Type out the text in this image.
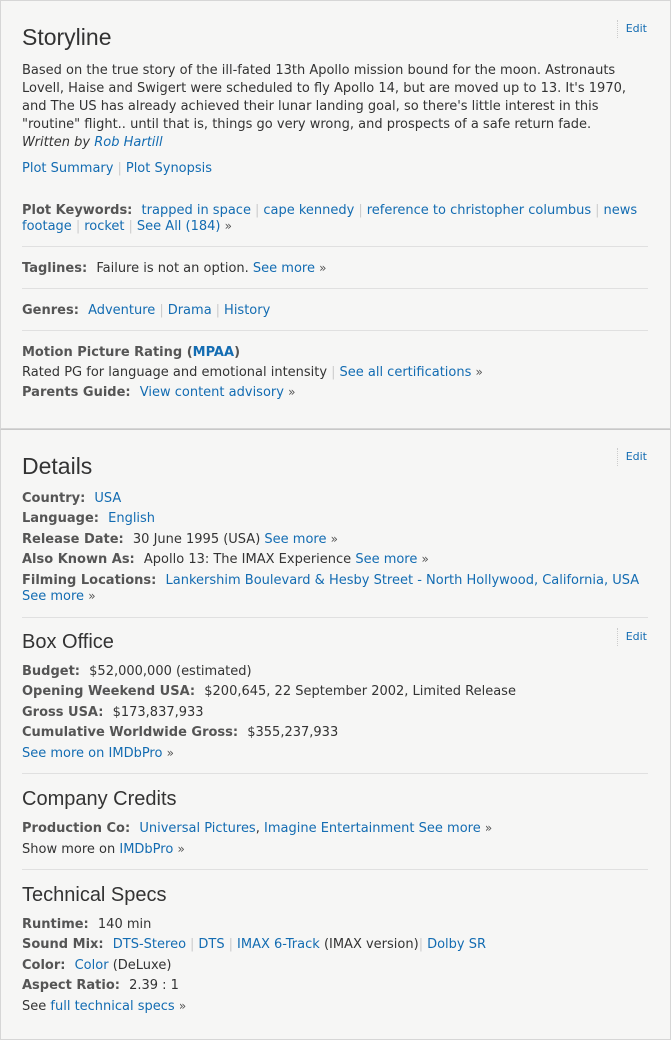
Edit
Storyline
Based on the true story of the ill-fated 13th Apollo mission bound for the moon. Astronauts Lovell, Haise and Swigert were scheduled to fly Apollo 14, but are moved up to 13. It's 1970, and The US has already achieved their lunar landing goal, so there's little interest in this "routine" flight.. until that is, things go very wrong, and prospects of a safe return fade.
Written by Rob Hartill
Plot Summary | Plot Synopsis
Plot Keywords: trapped in space | cape kennedy | reference to christopher columbus | news
footage | rocket | See All (184) »
Taglines: Failure is not an option. See more »
Genres: Adventure | Drama | History
Motion Picture Rating (MPAA)
Rated PG for language and emotional intensity | See all certifications »
Parents Guide: View content advisory »
Edit
Details
Country: USA
Language: English
Release Date: 30 June 1995 (USA) See more »
Also Known As: Apollo 13: The IMAX Experience See more »
Filming Locations: Lankershim Boulevard & Hesby Street - North Hollywood, California, USA
See more »
Edit
Box Office
Budget: $52,000,000 (estimated)
Opening Weekend USA: $200,645, 22 September 2002, Limited Release
Gross USA: $173,837,933
Cumulative Worldwide Gross: $355,237,933
See more on IMDbPro »
Company Credits
Production Co: Universal Pictures, Imagine Entertainment See more »
Show more on IMDbPro »
Technical Specs
Runtime: 140 min
Sound Mix: DTS-Stereo | DTS | IMAX 6-Track (IMAX version)| Dolby SR
Color: Color (DeLuxe)
Aspect Ratio: 2.39 : 1
See full technical specs »
